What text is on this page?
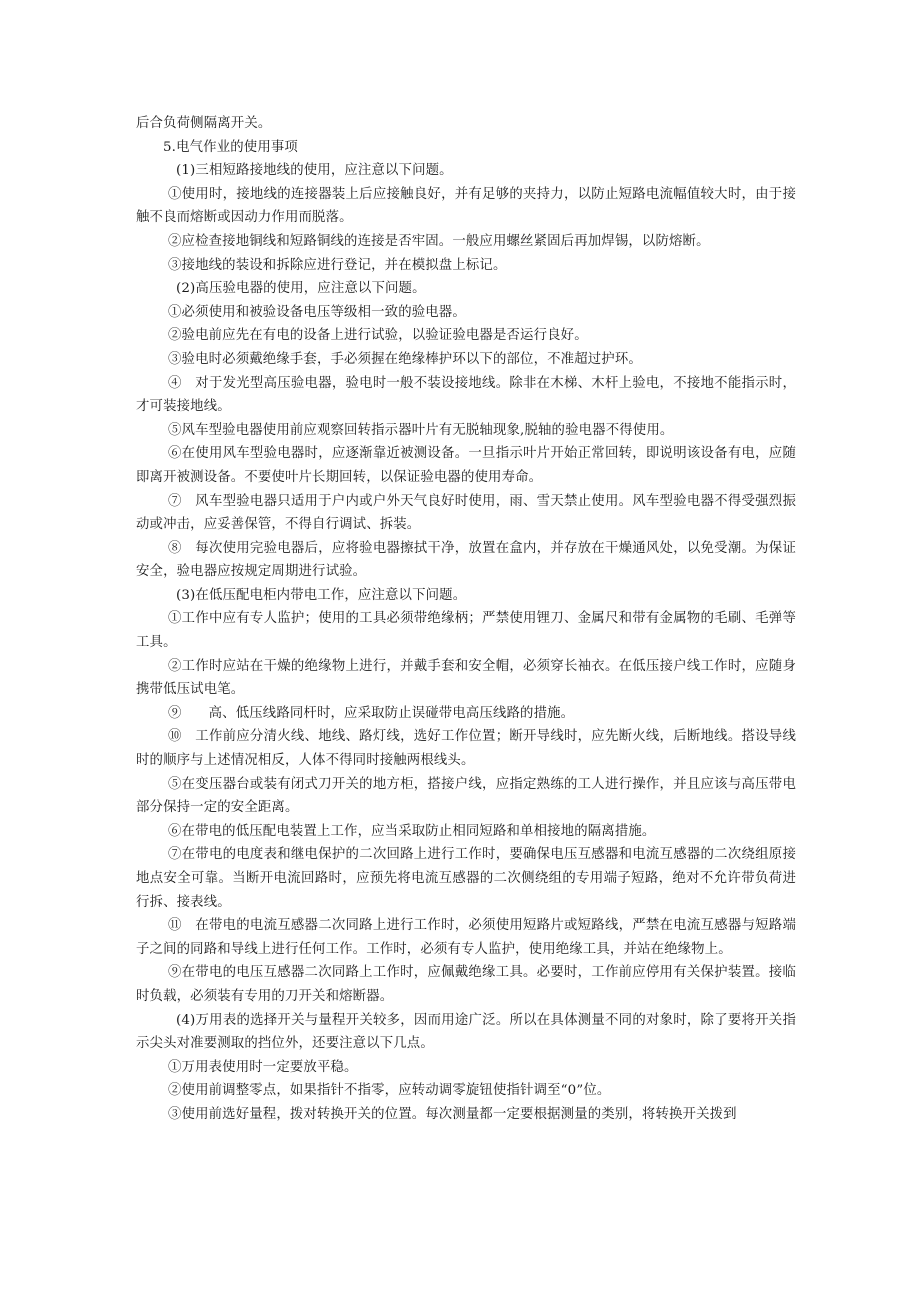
后合负荷侧隔离开关。

5.电气作业的使用事项

(1)三相短路接地线的使用，应注意以下问题。

①使用时，接地线的连接器装上后应接触良好，并有足够的夹持力，以防止短路电流幅值较大时，由于接触不良而熔断或因动力作用而脱落。

②应检查接地铜线和短路铜线的连接是否牢固。一般应用螺丝紧固后再加焊锡，以防熔断。

③接地线的装设和拆除应进行登记，并在模拟盘上标记。

(2)高压验电器的使用，应注意以下问题。

①必须使用和被验设备电压等级相一致的验电器。

②验电前应先在有电的设备上进行试验，以验证验电器是否运行良好。

③验电时必须戴绝缘手套，手必须握在绝缘棒护环以下的部位，不准超过护环。

④　对于发光型高压验电器，验电时一般不装设接地线。除非在木梯、木杆上验电，不接地不能指示时，才可装接地线。

⑤风车型验电器使用前应观察回转指示器叶片有无脱轴现象,脱轴的验电器不得使用。

⑥在使用风车型验电器时，应逐渐靠近被测设备。一旦指示叶片开始正常回转，即说明该设备有电，应随即离开被测设备。不要使叶片长期回转，以保证验电器的使用寿命。

⑦　风车型验电器只适用于户内或户外天气良好时使用，雨、雪天禁止使用。风车型验电器不得受强烈振动或冲击，应妥善保管，不得自行调试、拆装。

⑧　每次使用完验电器后，应将验电器擦拭干净，放置在盒内，并存放在干燥通风处，以免受潮。为保证安全，验电器应按规定周期进行试验。

(3)在低压配电柜内带电工作，应注意以下问题。

①工作中应有专人监护；使用的工具必须带绝缘柄；严禁使用锂刀、金属尺和带有金属物的毛刷、毛弹等工具。

②工作时应站在干燥的绝缘物上进行，并戴手套和安全帽，必须穿长袖衣。在低压接户线工作时，应随身携带低压试电笔。

⑨　　高、低压线路同杆时，应采取防止误碰带电高压线路的措施。

⑩　工作前应分清火线、地线、路灯线，选好工作位置；断开导线时，应先断火线，后断地线。搭设导线时的顺序与上述情况相反，人体不得同时接触两根线头。

⑤在变压器台或装有闭式刀开关的地方柜，搭接户线，应指定熟练的工人进行操作，并且应该与高压带电部分保持一定的安全距离。

⑥在带电的低压配电装置上工作，应当采取防止相同短路和单相接地的隔离措施。

⑦在带电的电度表和继电保护的二次回路上进行工作时，要确保电压互感器和电流互感器的二次绕组原接地点安全可靠。当断开电流回路时，应预先将电流互感器的二次侧绕组的专用端子短路，绝对不允许带负荷进行拆、接表线。

⑪　在带电的电流互感器二次同路上进行工作时，必须使用短路片或短路线，严禁在电流互感器与短路端子之间的同路和导线上进行任何工作。工作时，必须有专人监护，使用绝缘工具，并站在绝缘物上。

⑨在带电的电压互感器二次同路上工作时，应佩戴绝缘工具。必要时，工作前应停用有关保护装置。接临时负载，必须装有专用的刀开关和熔断器。

(4)万用表的选择开关与量程开关较多，因而用途广泛。所以在具体测量不同的对象时，除了要将开关指示尖头对准要测取的挡位外，还要注意以下几点。

①万用表使用时一定要放平稳。

②使用前调整零点，如果指针不指零，应转动调零旋钮使指针调至“0”位。

③使用前选好量程，拨对转换开关的位置。每次测量都一定要根据测量的类别，将转换开关拨到
